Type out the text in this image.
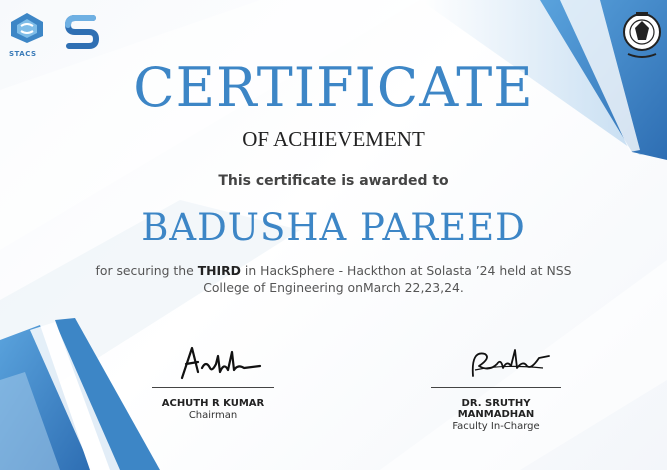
STACS
CERTIFICATE
OF ACHIEVEMENT
This certificate is awarded to
BADUSHA PAREED
for securing the THIRD in HackSphere - Hackthon at Solasta ’24 held at NSS
College of Engineering onMarch 22,23,24.
ACHUTH R KUMAR
Chairman
DR. SRUTHY MANMADHAN
Faculty In-Charge
